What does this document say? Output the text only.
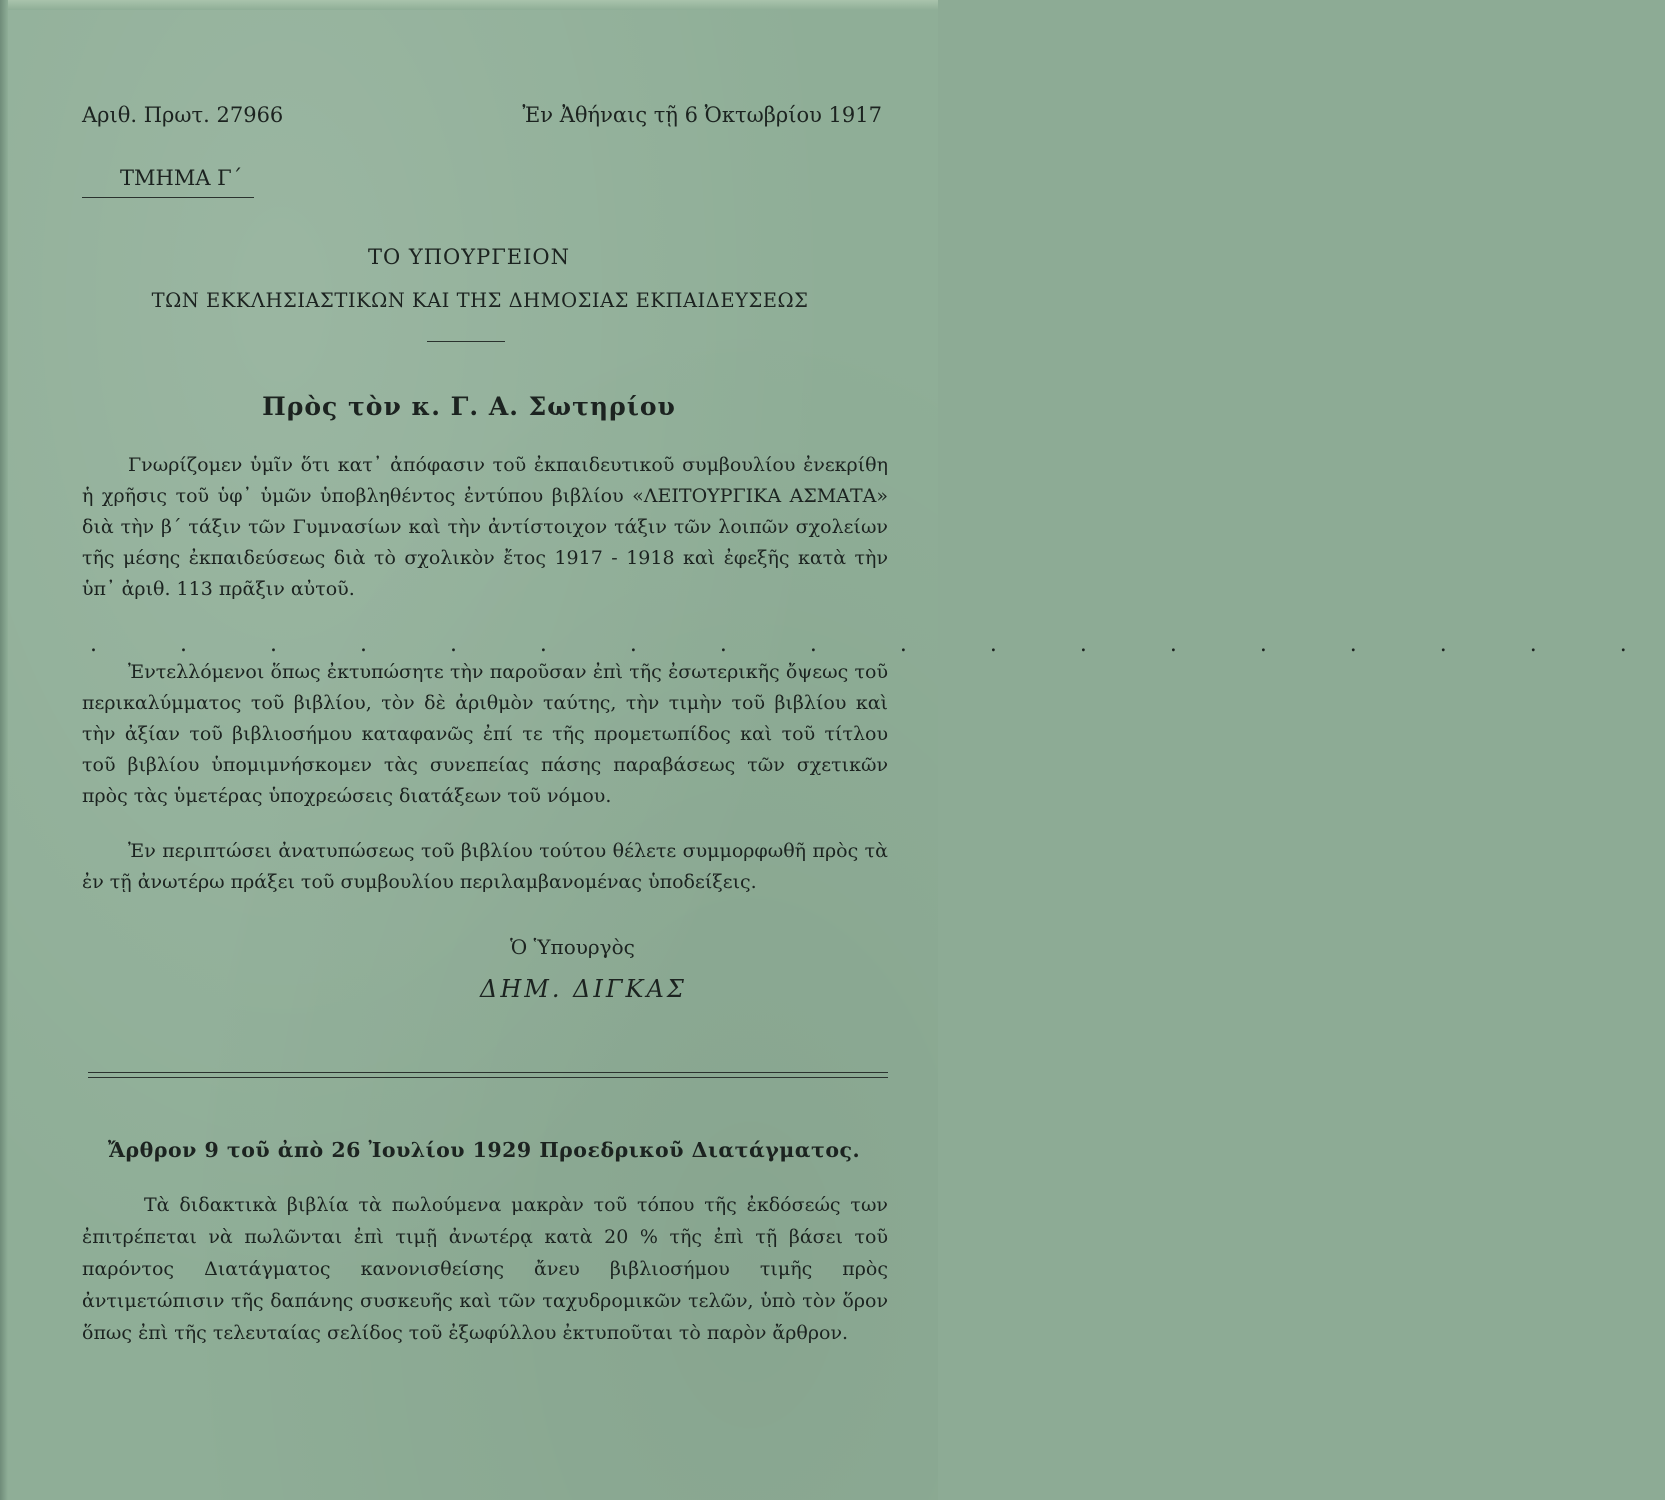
Αριθ. Πρωτ. 27966	Ἐν Ἀθήναις τῇ 6 Ὀκτωβρίου 1917
ΤΜΗΜΑ Γ΄
ΤΟ ΥΠΟΥΡΓΕΙΟΝ
ΤΩΝ ΕΚΚΛΗΣΙΑΣΤΙΚΩΝ ΚΑΙ ΤΗΣ ΔΗΜΟΣΙΑΣ ΕΚΠΑΙΔΕΥΣΕΩΣ
Πρὸς τὸν κ. Γ. Α. Σωτηρίου
Γνωρίζομεν ὑμῖν ὅτι κατ᾽ ἀπόφασιν τοῦ ἐκπαιδευτικοῦ συμβουλίου ἐνεκρίθη ἡ χρῆσις τοῦ ὑφ᾽ ὑμῶν ὑποβληθέντος ἐντύπου βιβλίου «ΛΕΙΤΟΥΡΓΙΚΑ ΑΣΜΑΤΑ» διὰ τὴν β΄ τάξιν τῶν Γυμνασίων καὶ τὴν ἀντίστοιχον τάξιν τῶν λοιπῶν σχολείων τῆς μέσης ἐκπαιδεύσεως διὰ τὸ σχολικὸν ἔτος 1917 - 1918 καὶ ἐφεξῆς κατὰ τὴν ὑπ᾽ ἀριθ. 113 πρᾶξιν αὐτοῦ.
. . . . . . . . . . . . . . . . . .
Ἐντελλόμενοι ὅπως ἐκτυπώσητε τὴν παροῦσαν ἐπὶ τῆς ἐσωτερικῆς ὄψεως τοῦ περικαλύμματος τοῦ βιβλίου, τὸν δὲ ἀριθμὸν ταύτης, τὴν τιμὴν τοῦ βιβλίου καὶ τὴν ἀξίαν τοῦ βιβλιοσήμου καταφανῶς ἐπί τε τῆς προμετωπίδος καὶ τοῦ τίτλου τοῦ βιβλίου ὑπομιμνήσκομεν τὰς συνεπείας πάσης παραβάσεως τῶν σχετικῶν πρὸς τὰς ὑμετέρας ὑποχρεώσεις διατάξεων τοῦ νόμου.
Ἐν περιπτώσει ἀνατυπώσεως τοῦ βιβλίου τούτου θέλετε συμμορφωθῆ πρὸς τὰ ἐν τῇ ἀνωτέρω πράξει τοῦ συμβουλίου περιλαμβανομένας ὑποδείξεις.
Ὁ Ὑπουργὸς
ΔΗΜ. ΔΙΓΚΑΣ
Ἄρθρον 9 τοῦ ἀπὸ 26 Ἰουλίου 1929 Προεδρικοῦ Διατάγματος.
Τὰ διδακτικὰ βιβλία τὰ πωλούμενα μακρὰν τοῦ τόπου τῆς ἐκδόσεώς των ἐπιτρέπεται νὰ πωλῶνται ἐπὶ τιμῇ ἀνωτέρᾳ κατὰ 20 % τῆς ἐπὶ τῇ βάσει τοῦ παρόντος Διατάγματος κανονισθείσης ἄνευ βιβλιοσήμου τιμῆς πρὸς ἀντιμετώπισιν τῆς δαπάνης συσκευῆς καὶ τῶν ταχυδρομικῶν τελῶν, ὑπὸ τὸν ὅρον ὅπως ἐπὶ τῆς τελευταίας σελίδος τοῦ ἐξωφύλλου ἐκτυποῦται τὸ παρὸν ἄρθρον.
